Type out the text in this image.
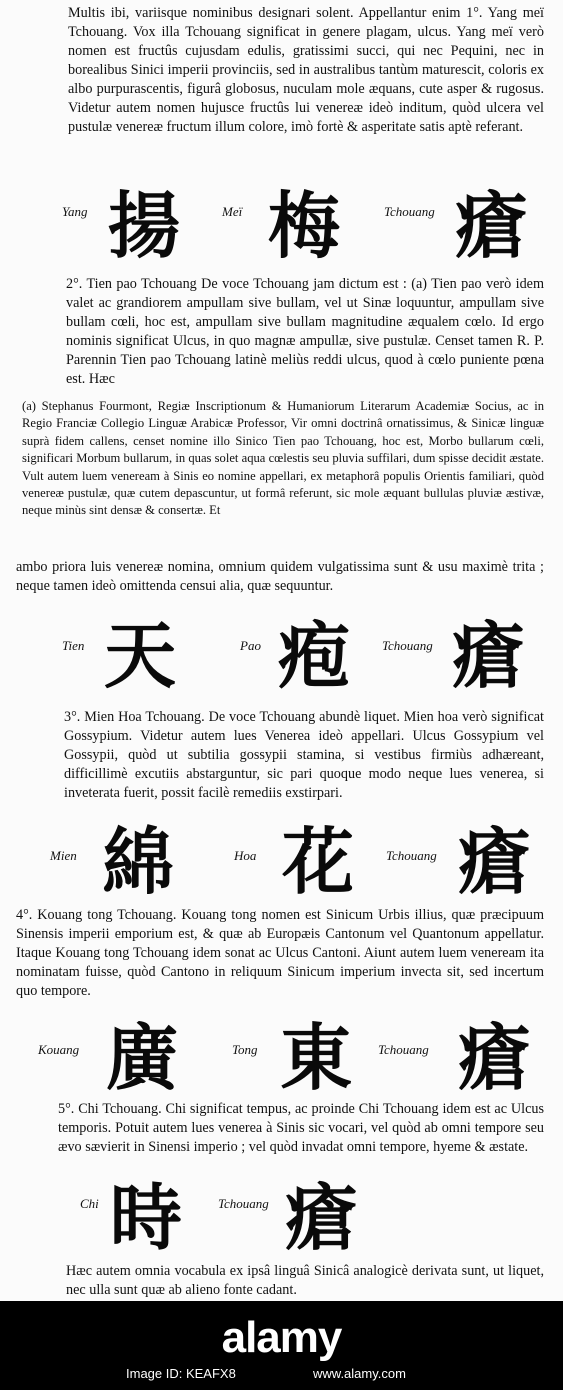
Multis ibi, variisque nominibus designari solent. Appellantur enim 1°. Yang meï Tchouang. Vox illa Tchouang significat in genere plagam, ulcus. Yang meï verò nomen est fructûs cujusdam edulis, gratissimi succi, qui nec Pequini, nec in borealibus Sinici imperii provinciis, sed in australibus tantùm maturescit, coloris ex albo purpurascentis, figurâ globosus, nuculam mole æquans, cute asper & rugosus. Videtur autem nomen hujusce fructûs lui venereæ ideò inditum, quòd ulcera vel pustulæ venereæ fructum illum colore, imò fortè & asperitate satis aptè referant.

Yang 揚	Meï 梅	Tchouang 瘡

2°. Tien pao Tchouang De voce Tchouang jam dictum est : (a) Tien pao verò idem valet ac grandiorem ampullam sive bullam, vel ut Sinæ loquuntur, ampullam sive bullam cœli, hoc est, ampullam sive bullam magnitudine æqualem cœlo. Id ergo nominis significat Ulcus, in quo magnæ ampullæ, sive pustulæ. Censet tamen R. P. Parennin Tien pao Tchouang latinè meliùs reddi ulcus, quod à cœlo puniente pœna est. Hæc

(a) Stephanus Fourmont, Regiæ Inscriptionum & Humaniorum Literarum Academiæ Socius, ac in Regio Franciæ Collegio Linguæ Arabicæ Professor, Vir omni doctrinâ ornatissimus, & Sinicæ linguæ suprà fidem callens, censet nomine illo Sinico Tien pao Tchouang, hoc est, Morbo bullarum cœli, significari Morbum bullarum, in quas solet aqua cœlestis seu pluvia suffilari, dum spisse decidit æstate. Vult autem luem veneream à Sinis eo nomine appellari, ex metaphorâ populis Orientis familiari, quòd venereæ pustulæ, quæ cutem depascuntur, ut formâ referunt, sic mole æquant bullulas pluviæ æstivæ, neque minùs sint densæ & consertæ. Et

ambo priora luis venereæ nomina, omnium quidem vulgatissima sunt & usu maximè trita ; neque tamen ideò omittenda censui alia, quæ sequuntur.

Tien 天	Pao 疱 Tchouang 瘡

3°. Mien Hoa Tchouang. De voce Tchouang abundè liquet. Mien hoa verò significat Gossypium. Videtur autem lues Venerea ideò appellari. Ulcus Gossypium vel Gossypii, quòd ut subtilia gossypii stamina, si vestibus firmiùs adhæreant, difficillimè excutiis abstarguntur, sic pari quoque modo neque lues venerea, si inveterata fuerit, possit facilè remediis exstirpari.

Mien 綿	Hoa 花 Tchouang 瘡

4°. Kouang tong Tchouang. Kouang tong nomen est Sinicum Urbis illius, quæ præcipuum Sinensis imperii emporium est, & quæ ab Europæis Cantonum vel Quantonum appellatur. Itaque Kouang tong Tchouang idem sonat ac Ulcus Cantoni. Aiunt autem luem veneream ita nominatam fuisse, quòd Cantono in reliquum Sinicum imperium invecta sit, sed incertum quo tempore.

Kouang 廣	Tong 東 Tchouang 瘡

5°. Chi Tchouang. Chi significat tempus, ac proinde Chi Tchouang idem est ac Ulcus temporis. Potuit autem lues venerea à Sinis sic vocari, vel quòd ab omni tempore seu ævo sævierit in Sinensi imperio ; vel quòd invadat omni tempore, hyeme & æstate.

Chi 時	Tchouang 瘡

Hæc autem omnia vocabula ex ipsâ linguâ Sinicâ analogicè derivata sunt, ut liquet, nec ulla sunt quæ ab alieno fonte cadant.

alamy
Image ID: KEAFX8	www.alamy.com
